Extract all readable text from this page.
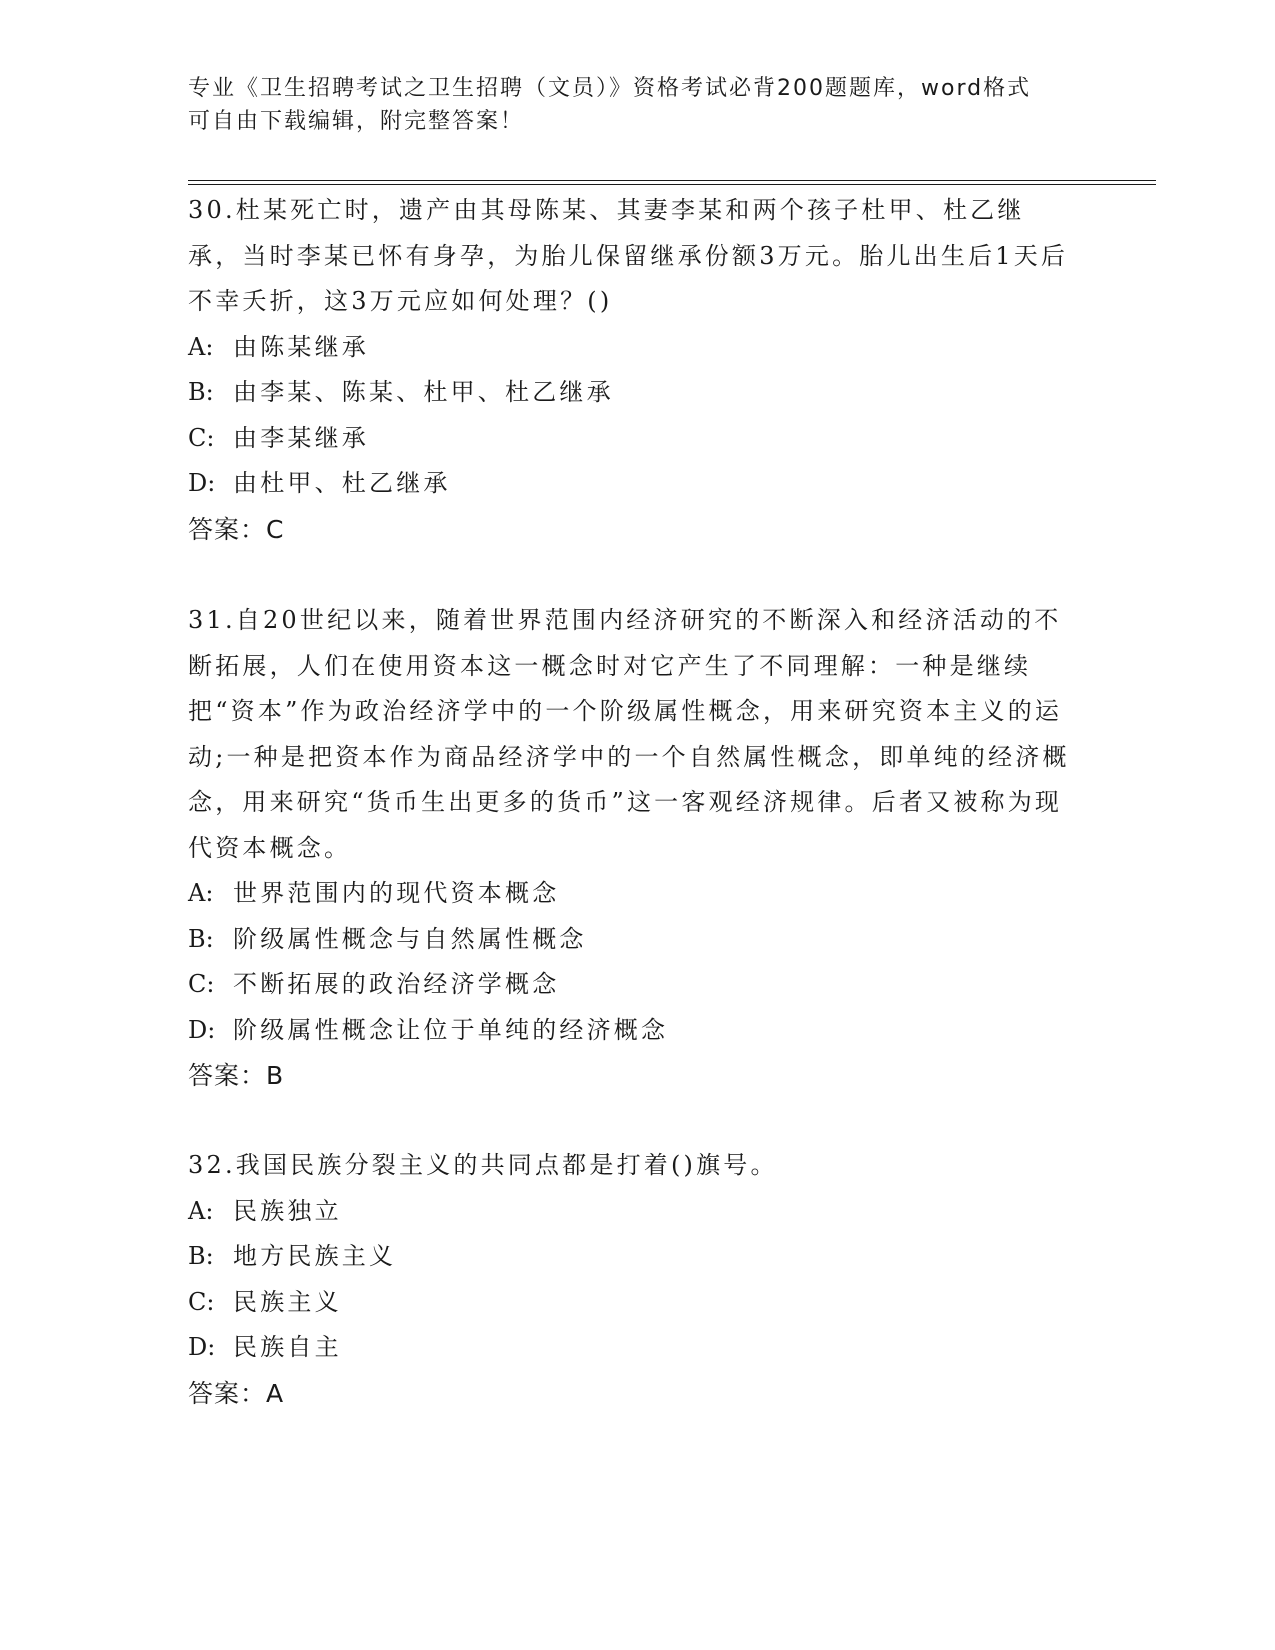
专业《卫生招聘考试之卫生招聘（文员）》资格考试必背200题题库，word格式
可自由下载编辑，附完整答案！

30.杜某死亡时，遗产由其母陈某、其妻李某和两个孩子杜甲、杜乙继承，当时李某已怀有身孕，为胎儿保留继承份额3万元。胎儿出生后1天后不幸夭折，这3万元应如何处理？()

A: 由陈某继承
B: 由李某、陈某、杜甲、杜乙继承
C: 由李某继承
D: 由杜甲、杜乙继承
答案：C

31.自20世纪以来，随着世界范围内经济研究的不断深入和经济活动的不断拓展，人们在使用资本这一概念时对它产生了不同理解：一种是继续把“资本”作为政治经济学中的一个阶级属性概念，用来研究资本主义的运动;一种是把资本作为商品经济学中的一个自然属性概念，即单纯的经济概念，用来研究“货币生出更多的货币”这一客观经济规律。后者又被称为现代资本概念。

A: 世界范围内的现代资本概念
B: 阶级属性概念与自然属性概念
C: 不断拓展的政治经济学概念
D: 阶级属性概念让位于单纯的经济概念
答案：B

32.我国民族分裂主义的共同点都是打着()旗号。

A: 民族独立
B: 地方民族主义
C: 民族主义
D: 民族自主
答案：A
